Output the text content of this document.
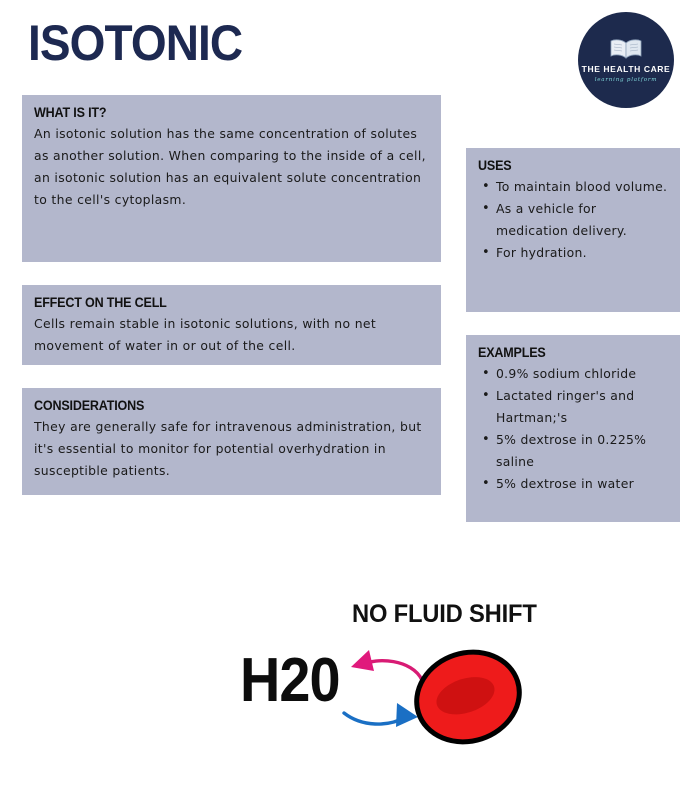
ISOTONIC	THE HEALTH CARE
learning platform

WHAT IS IT?

An isotonic solution has the same concentration of solutes as another solution. When comparing to the inside of a cell, an isotonic solution has an equivalent solute concentration to the cell's cytoplasm.

EFFECT ON THE CELL

Cells remain stable in isotonic solutions, with no net movement of water in or out of the cell.

CONSIDERATIONS

They are generally safe for intravenous administration, but it's essential to monitor for potential overhydration in susceptible patients.

USES

• To maintain blood volume.
• As a vehicle for medication delivery.
• For hydration.

EXAMPLES

• 0.9% sodium chloride
• Lactated ringer's and Hartman;'s
• 5% dextrose in 0.225% saline
• 5% dextrose in water
NO FLUID SHIFT
H20
